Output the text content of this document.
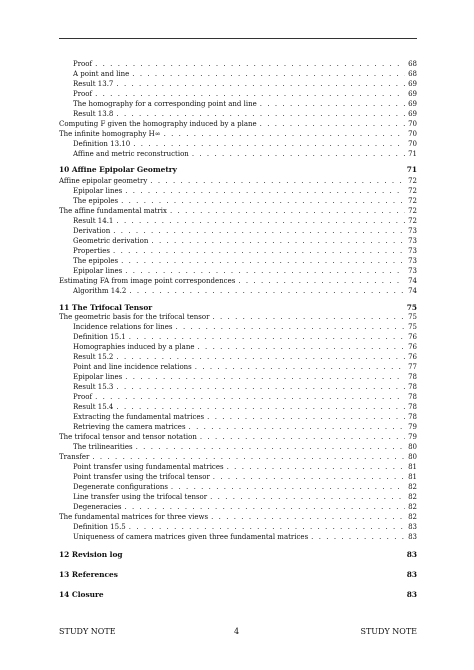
Proof . . .	68
A point and line . . .	68
Result 13.7 . . .	69
Proof . . .	69
The homography for a corresponding point and line . . .	69
Result 13.8 . . .	69
Computing F given the homography induced by a plane . . .	70
The infinite homography H∞ . . .	70
Definition 13.10 . . .	70
Affine and metric reconstruction . . .	71
10 Affine Epipolar Geometry	71
Affine epipolar geometry . . .	72
Epipolar lines . . .	72
The epipoles . . .	72
The affine fundamental matrix . . .	72
Result 14.1 . . .	72
Derivation . . .	73
Geometric derivation . . .	73
Properties . . .	73
The epipoles . . .	73
Epipolar lines . . .	73
Estimating FA from image point correspondences . . .	74
Algorithm 14.2 . . .	74
11 The Trifocal Tensor	75
The geometric basis for the trifocal tensor . . .	75
Incidence relations for lines . . .	75
Definition 15.1 . . .	76
Homographies induced by a plane . . .	76
Result 15.2 . . .	76
Point and line incidence relations . . .	77
Epipolar lines . . .	78
Result 15.3 . . .	78
Proof . . .	78
Result 15.4 . . .	78
Extracting the fundamental matrices . . .	78
Retrieving the camera matrices . . .	79
The trifocal tensor and tensor notation . . .	79
The trilinearities . . .	80
Transfer . . .	80
Point transfer using fundamental matrices . . .	81
Point transfer using the trifocal tensor . . .	81
Degenerate configurations . . .	82
Line transfer using the trifocal tensor . . .	82
Degeneracies . . .	82
The fundamental matrices for three views . . .	82
Definition 15.5 . . .	83
Uniqueness of camera matrices given three fundamental matrices . . .	83
12 Revision log	83
13 References	83
14 Closure	83
STUDY NOTE	4	STUDY NOTE
